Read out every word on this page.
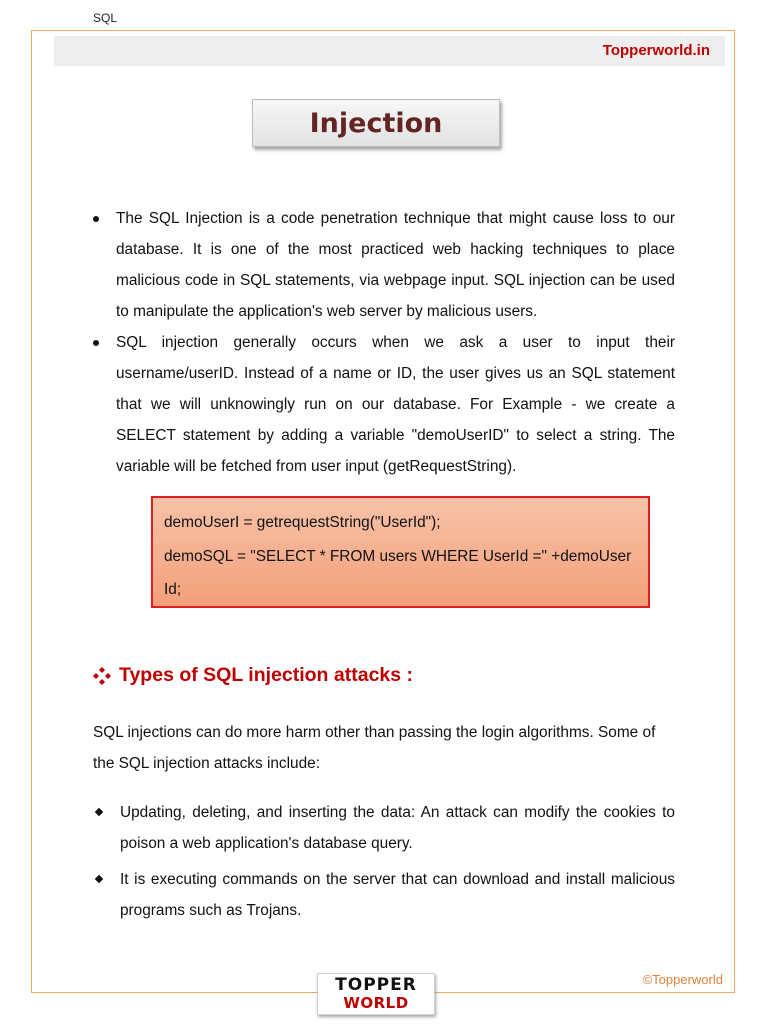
SQL
Topperworld.in
Injection
The SQL Injection is a code penetration technique that might cause loss to our database. It is one of the most practiced web hacking techniques to place malicious code in SQL statements, via webpage input. SQL injection can be used to manipulate the application's web server by malicious users.
SQL injection generally occurs when we ask a user to input their username/userID. Instead of a name or ID, the user gives us an SQL statement that we will unknowingly run on our database. For Example - we create a SELECT statement by adding a variable "demoUserID" to select a string. The variable will be fetched from user input (getRequestString).
demoUserI = getrequestString("UserId");
demoSQL = "SELECT * FROM users WHERE UserId =" +demoUser
Id;
Types of SQL injection attacks :

SQL injections can do more harm other than passing the login algorithms. Some of the SQL injection attacks include:

Updating, deleting, and inserting the data: An attack can modify the cookies to poison a web application's database query.
It is executing commands on the server that can download and install malicious programs such as Trojans.
©Topperworld
TOPPER
WORLD
